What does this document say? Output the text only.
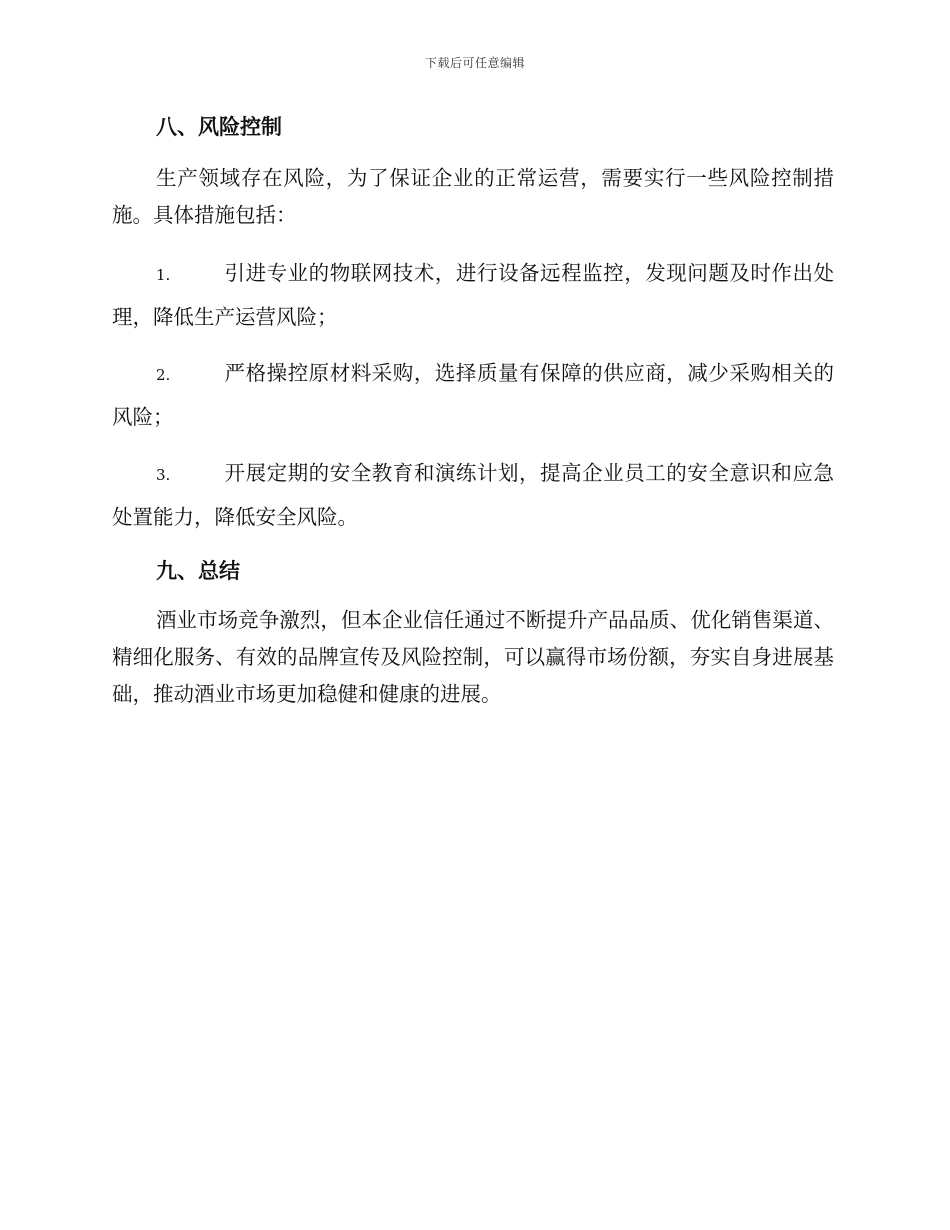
下载后可任意编辑
八、风险控制

生产领域存在风险，为了保证企业的正常运营，需要实行一些风险控制措施。具体措施包括：

1.	引进专业的物联网技术，进行设备远程监控，发现问题及时作出处理，降低生产运营风险；

2.	严格操控原材料采购，选择质量有保障的供应商，减少采购相关的风险；

3.	开展定期的安全教育和演练计划，提高企业员工的安全意识和应急处置能力，降低安全风险。

九、总结

酒业市场竞争激烈，但本企业信任通过不断提升产品品质、优化销售渠道、精细化服务、有效的品牌宣传及风险控制，可以赢得市场份额，夯实自身进展基础，推动酒业市场更加稳健和健康的进展。
